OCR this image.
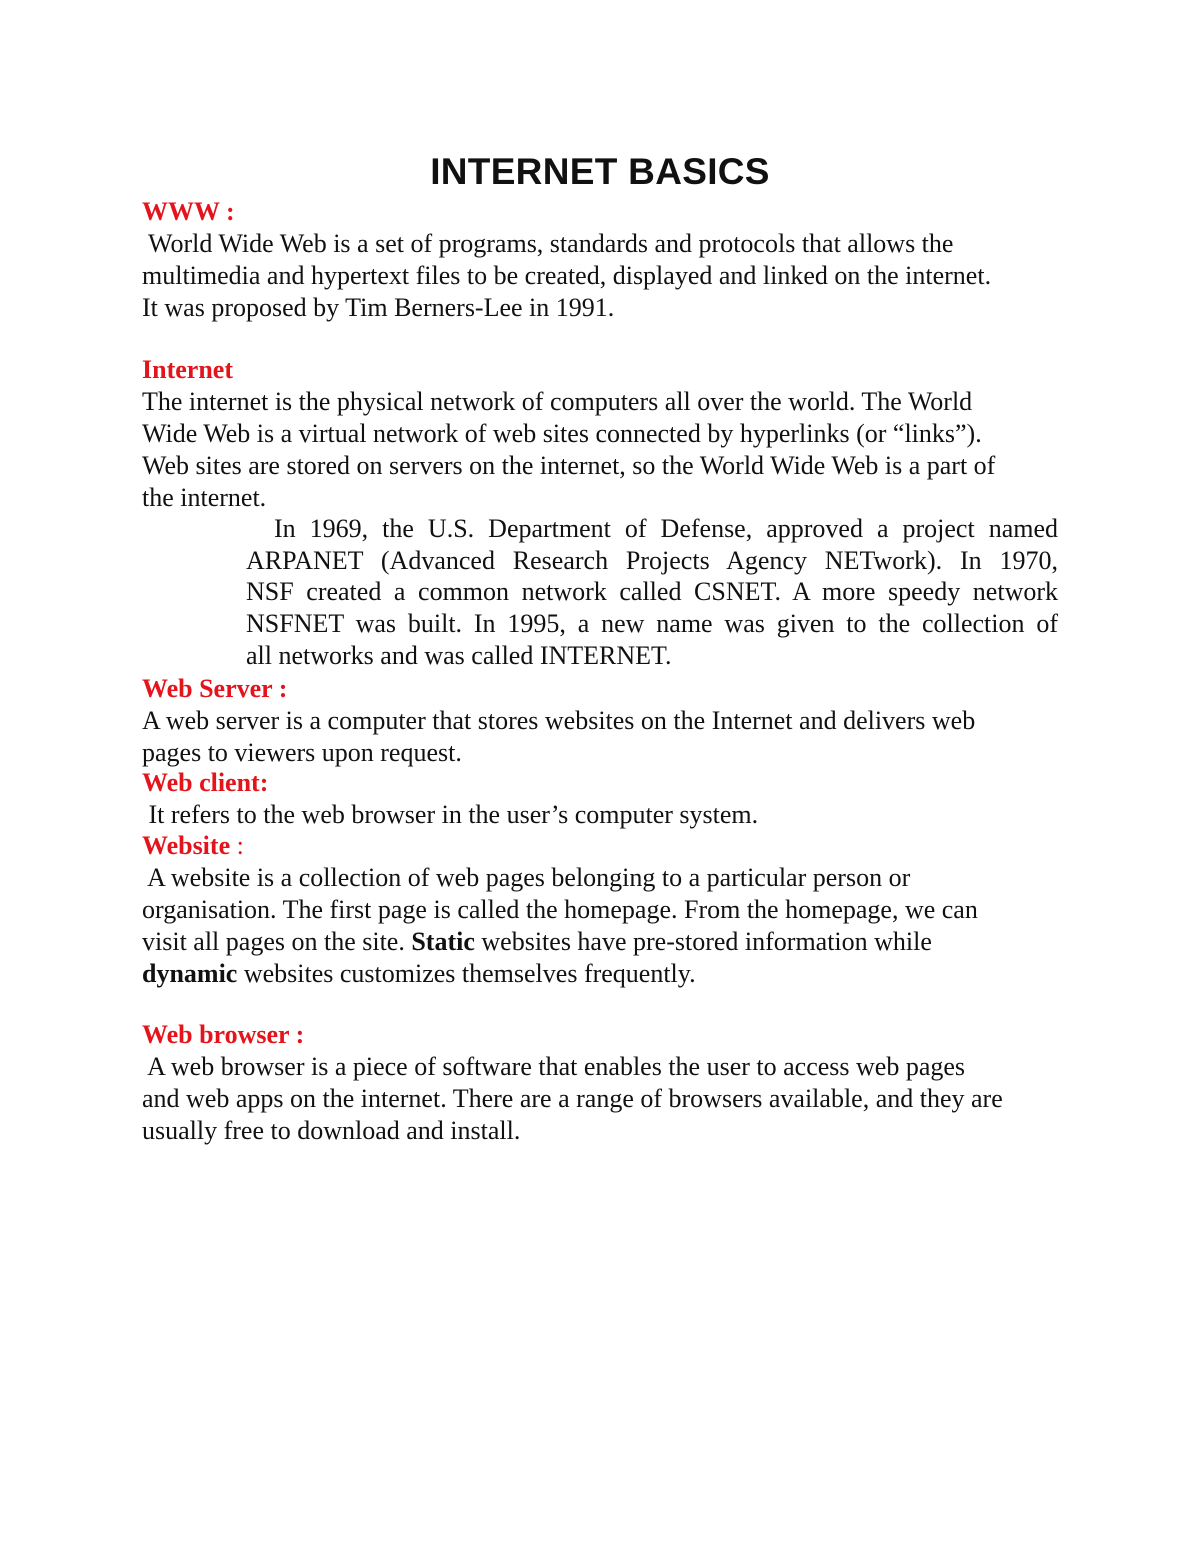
INTERNET BASICS
WWW :
World Wide Web is a set of programs, standards and protocols that allows the
multimedia and hypertext files to be created, displayed and linked on the internet.
It was proposed by Tim Berners-Lee in 1991.
Internet
The internet is the physical network of computers all over the world. The World
Wide Web is a virtual network of web sites connected by hyperlinks (or “links”).
Web sites are stored on servers on the internet, so the World Wide Web is a part of
the internet.
In 1969, the U.S. Department of Defense, approved a project named
ARPANET (Advanced Research Projects Agency NETwork). In 1970,
NSF created a common network called CSNET. A more speedy network
NSFNET was built. In 1995, a new name was given to the collection of
all networks and was called INTERNET.
Web Server :
A web server is a computer that stores websites on the Internet and delivers web
pages to viewers upon request.
Web client:
It refers to the web browser in the user’s computer system.
Website :
A website is a collection of web pages belonging to a particular person or
organisation. The first page is called the homepage. From the homepage, we can
visit all pages on the site. Static websites have pre-stored information while
dynamic websites customizes themselves frequently.
Web browser :
A web browser is a piece of software that enables the user to access web pages
and web apps on the internet. There are a range of browsers available, and they are
usually free to download and install.
